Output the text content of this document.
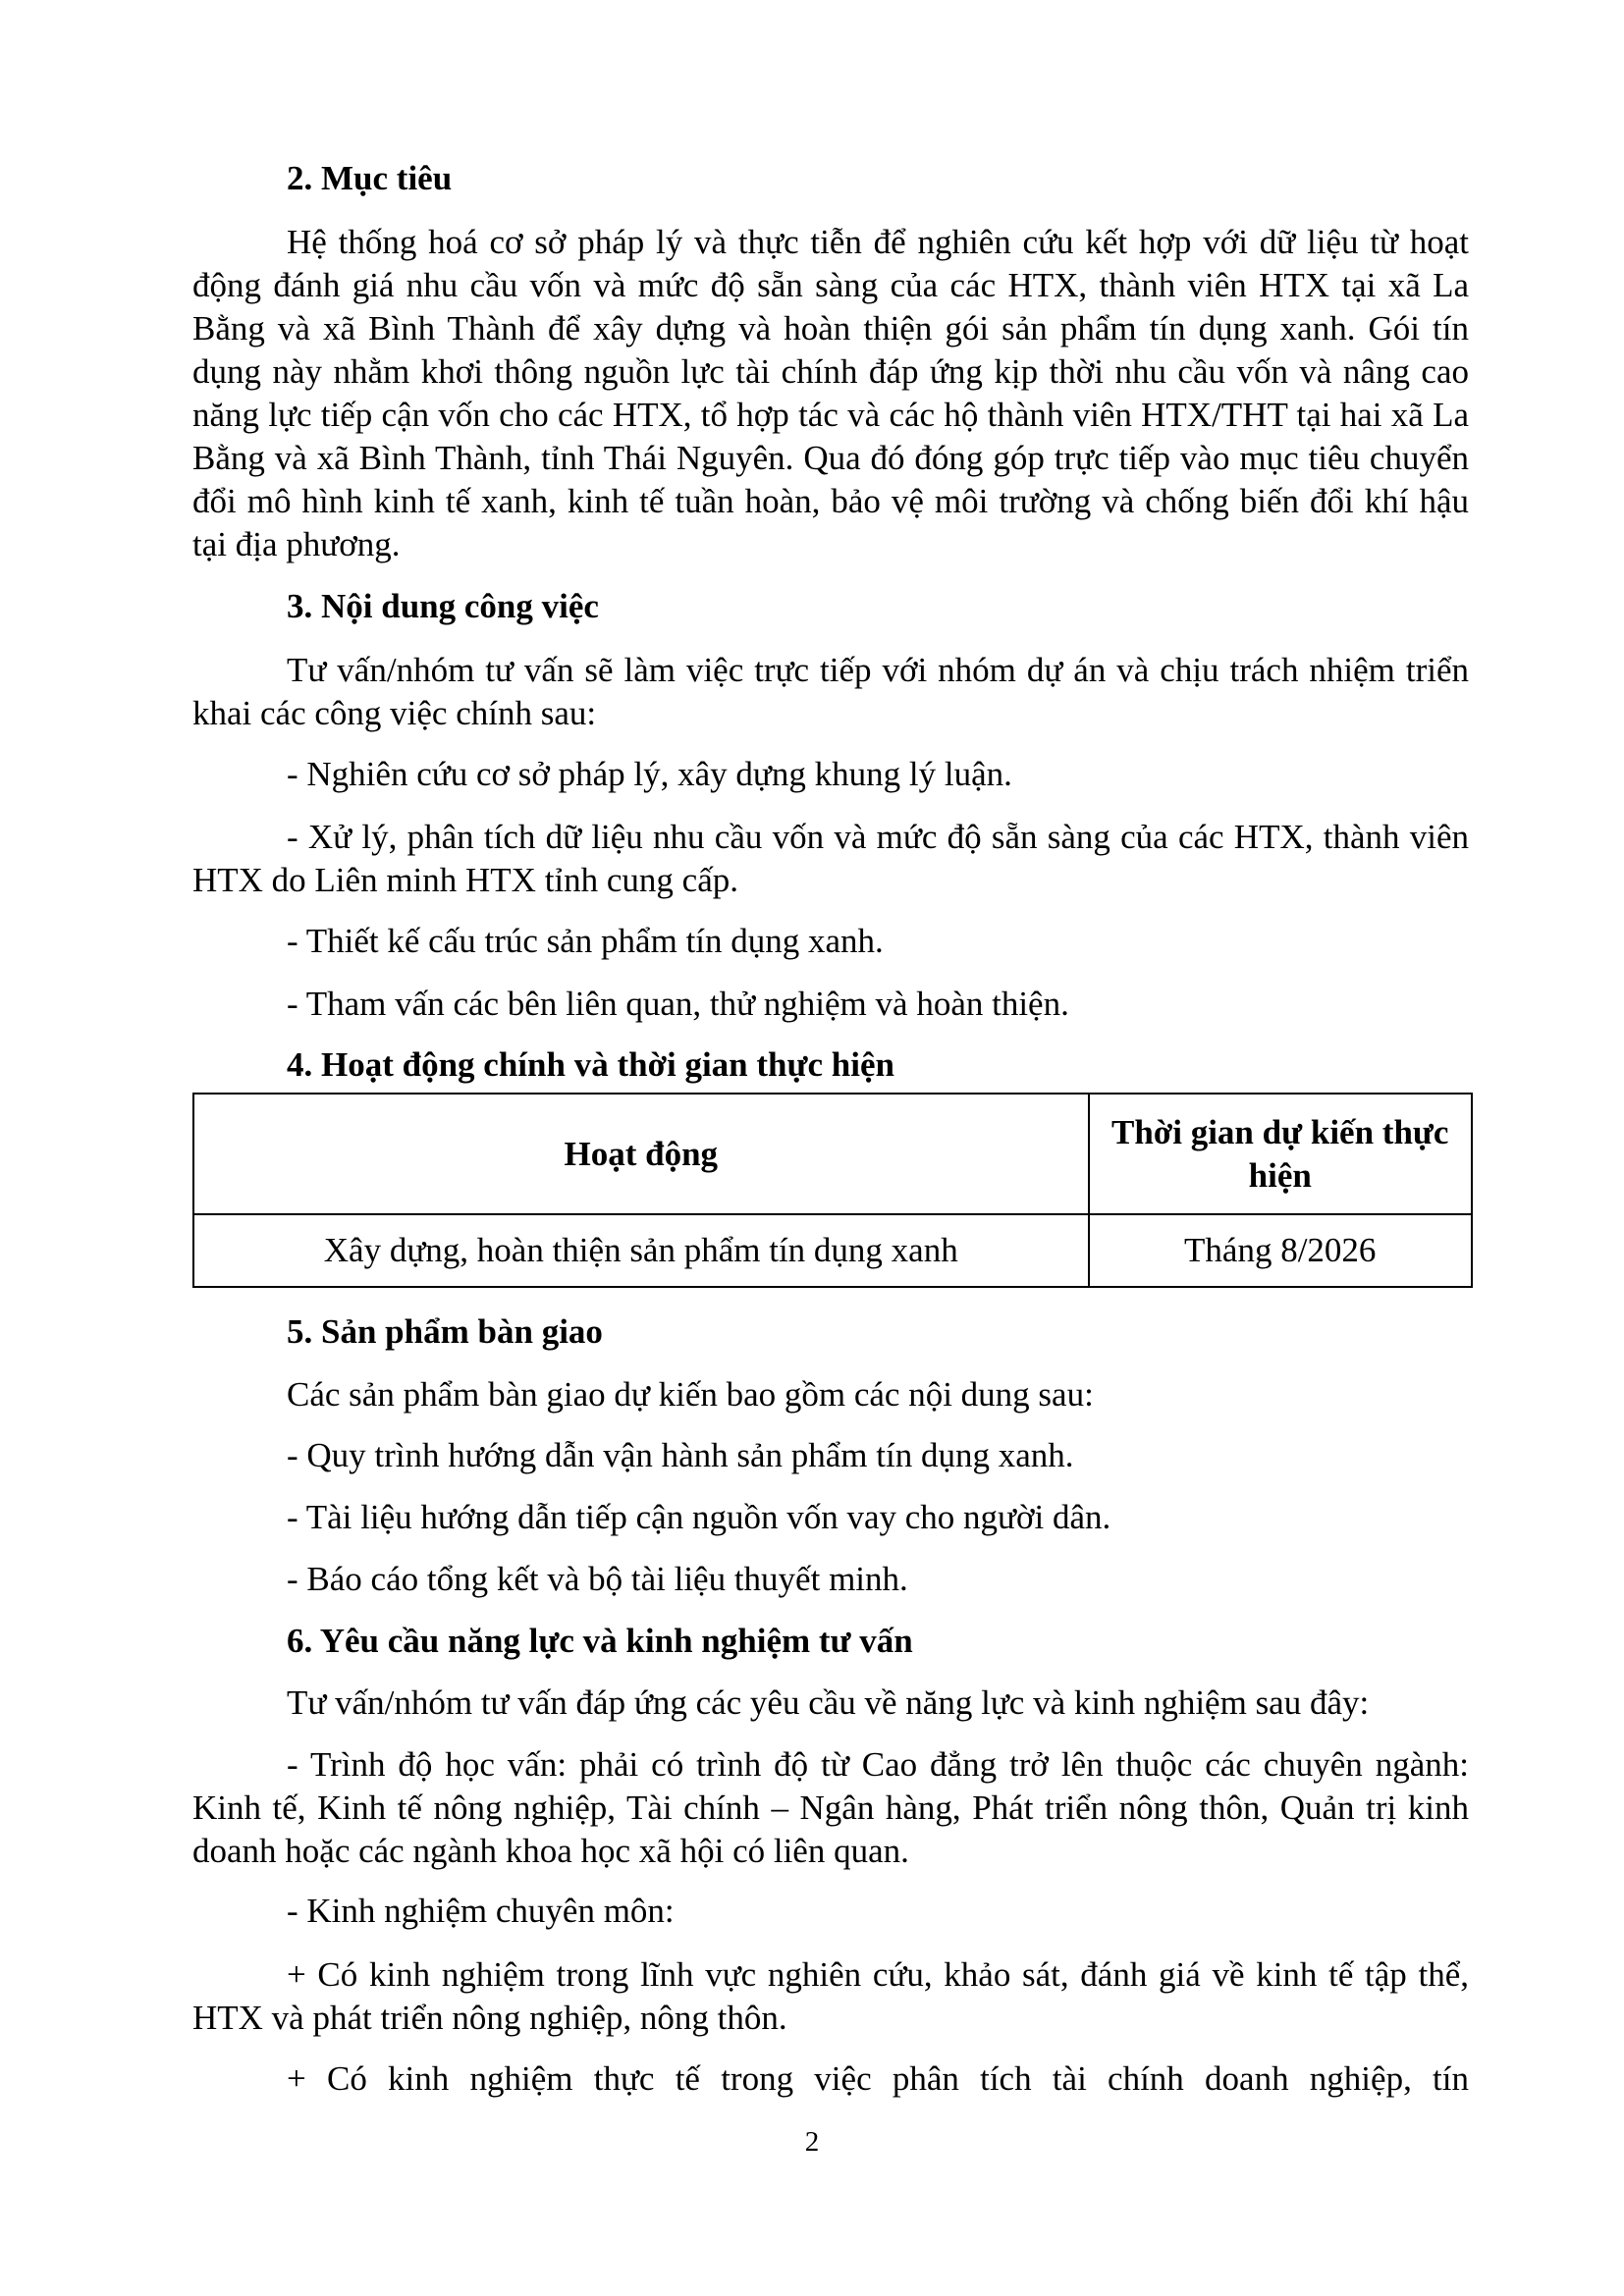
2. Mục tiêu

Hệ thống hoá cơ sở pháp lý và thực tiễn để nghiên cứu kết hợp với dữ liệu từ hoạt động đánh giá nhu cầu vốn và mức độ sẵn sàng của các HTX, thành viên HTX tại xã La Bằng và xã Bình Thành để xây dựng và hoàn thiện gói sản phẩm tín dụng xanh. Gói tín dụng này nhằm khơi thông nguồn lực tài chính đáp ứng kịp thời nhu cầu vốn và nâng cao năng lực tiếp cận vốn cho các HTX, tổ hợp tác và các hộ thành viên HTX/THT tại hai xã La Bằng và xã Bình Thành, tỉnh Thái Nguyên. Qua đó đóng góp trực tiếp vào mục tiêu chuyển đổi mô hình kinh tế xanh, kinh tế tuần hoàn, bảo vệ môi trường và chống biến đổi khí hậu tại địa phương.

3. Nội dung công việc

Tư vấn/nhóm tư vấn sẽ làm việc trực tiếp với nhóm dự án và chịu trách nhiệm triển khai các công việc chính sau:

- Nghiên cứu cơ sở pháp lý, xây dựng khung lý luận.

- Xử lý, phân tích dữ liệu nhu cầu vốn và mức độ sẵn sàng của các HTX, thành viên HTX do Liên minh HTX tỉnh cung cấp.

- Thiết kế cấu trúc sản phẩm tín dụng xanh.

- Tham vấn các bên liên quan, thử nghiệm và hoàn thiện.

4. Hoạt động chính và thời gian thực hiện
Hoạt động	Thời gian dự kiến thực hiện
Xây dựng, hoàn thiện sản phẩm tín dụng xanh	Tháng 8/2026
5. Sản phẩm bàn giao

Các sản phẩm bàn giao dự kiến bao gồm các nội dung sau:

- Quy trình hướng dẫn vận hành sản phẩm tín dụng xanh.

- Tài liệu hướng dẫn tiếp cận nguồn vốn vay cho người dân.

- Báo cáo tổng kết và bộ tài liệu thuyết minh.

6. Yêu cầu năng lực và kinh nghiệm tư vấn

Tư vấn/nhóm tư vấn đáp ứng các yêu cầu về năng lực và kinh nghiệm sau đây:

- Trình độ học vấn: phải có trình độ từ Cao đẳng trở lên thuộc các chuyên ngành: Kinh tế, Kinh tế nông nghiệp, Tài chính – Ngân hàng, Phát triển nông thôn, Quản trị kinh doanh hoặc các ngành khoa học xã hội có liên quan.

- Kinh nghiệm chuyên môn:

+ Có kinh nghiệm trong lĩnh vực nghiên cứu, khảo sát, đánh giá về kinh tế tập thể, HTX và phát triển nông nghiệp, nông thôn.

+ Có kinh nghiệm thực tế trong việc phân tích tài chính doanh nghiệp, tín

2
